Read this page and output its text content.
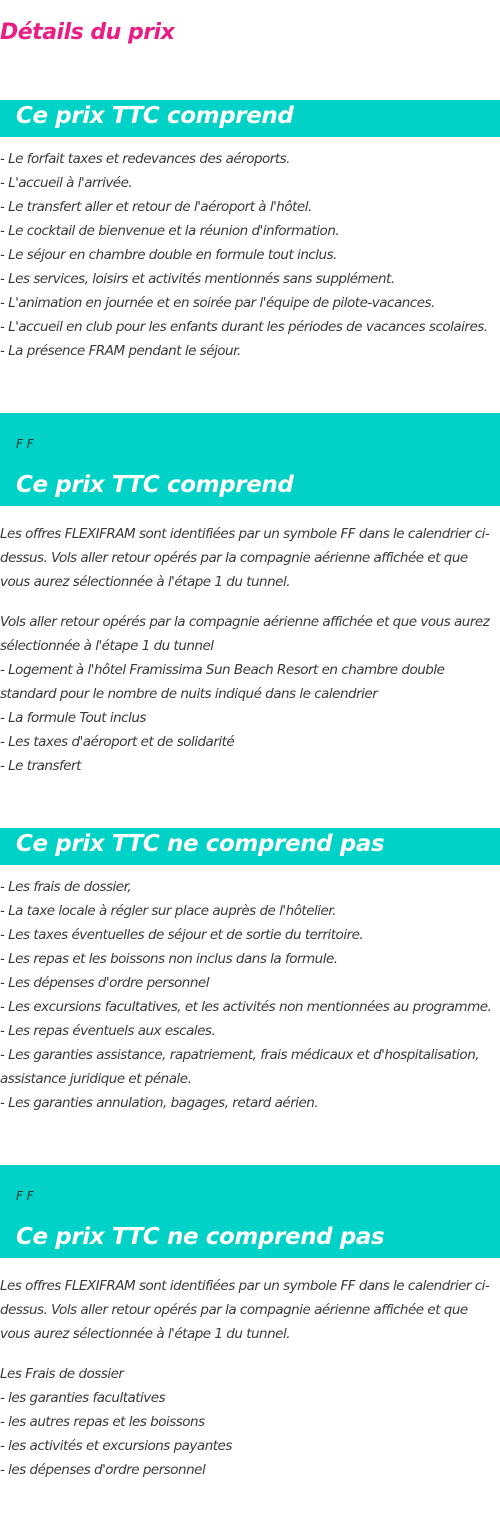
Détails du prix
Ce prix TTC comprend
- Le forfait taxes et redevances des aéroports.
- L'accueil à l'arrivée.
- Le transfert aller et retour de l'aéroport à l'hôtel.
- Le cocktail de bienvenue et la réunion d'information.
- Le séjour en chambre double en formule tout inclus.
- Les services, loisirs et activités mentionnés sans supplément.
- L'animation en journée et en soirée par l'équipe de pilote-vacances.
- L'accueil en club pour les enfants durant les périodes de vacances scolaires.
- La présence FRAM pendant le séjour.
F F
Ce prix TTC comprend

Les offres FLEXIFRAM sont identifiées par un symbole FF dans le calendrier ci-dessus. Vols aller retour opérés par la compagnie aérienne affichée et que vous aurez sélectionnée à l'étape 1 du tunnel.

Vols aller retour opérés par la compagnie aérienne affichée et que vous aurez sélectionnée à l'étape 1 du tunnel
- Logement à l'hôtel Framissima Sun Beach Resort en chambre double standard pour le nombre de nuits indiqué dans le calendrier
- La formule Tout inclus
- Les taxes d'aéroport et de solidarité
- Le transfert
Ce prix TTC ne comprend pas
- Les frais de dossier,
- La taxe locale à régler sur place auprès de l'hôtelier.
- Les taxes éventuelles de séjour et de sortie du territoire.
- Les repas et les boissons non inclus dans la formule.
- Les dépenses d'ordre personnel
- Les excursions facultatives, et les activités non mentionnées au programme.
- Les repas éventuels aux escales.
- Les garanties assistance, rapatriement, frais médicaux et d'hospitalisation, assistance juridique et pénale.
- Les garanties annulation, bagages, retard aérien.
F F
Ce prix TTC ne comprend pas

Les offres FLEXIFRAM sont identifiées par un symbole FF dans le calendrier ci-dessus. Vols aller retour opérés par la compagnie aérienne affichée et que vous aurez sélectionnée à l'étape 1 du tunnel.

Les Frais de dossier
- les garanties facultatives
- les autres repas et les boissons
- les activités et excursions payantes
- les dépenses d'ordre personnel
